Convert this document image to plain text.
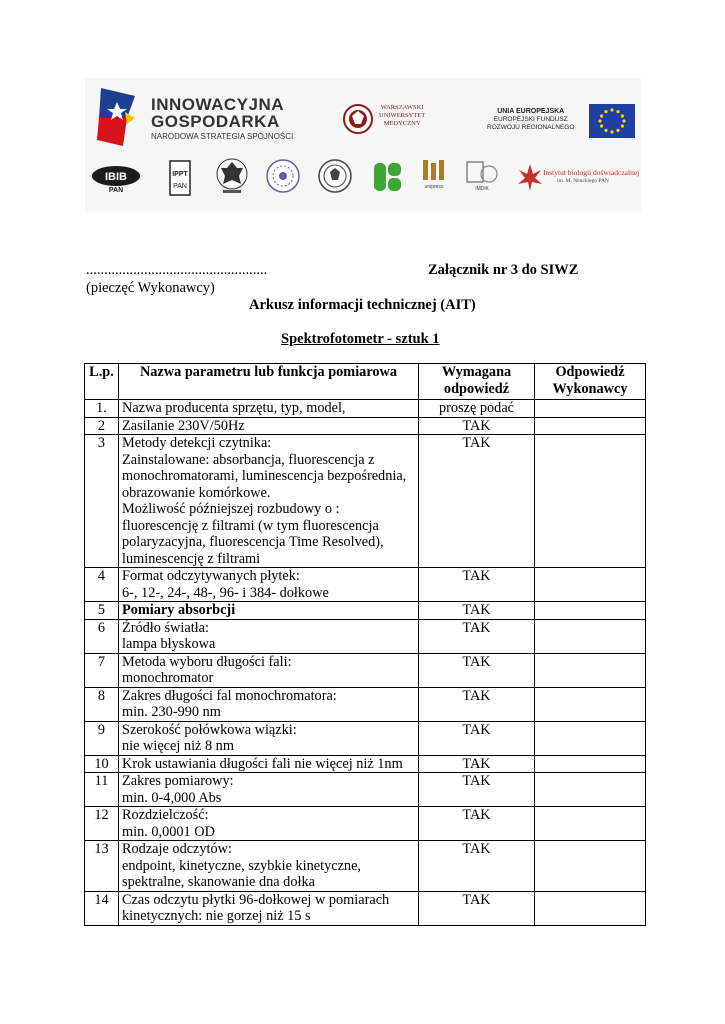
INNOWACYJNA
GOSPODARKA
NARODOWA STRATEGIA SPÓJNOŚCI
WARSZAWSKI
UNIWERSYTET
MEDYCZNY
UNIA EUROPEJSKA
EUROPEJSKI FUNDUSZ
ROZWOJU REGIONALNEGO
IBIB
PAN
IPPT
PAN	unipress	IMDiK
Instytut biologii doświadczalnej
im. M. Nenckiego PAN
..................................................	Załącznik nr 3 do SIWZ
(pieczęć Wykonawcy)
Arkusz informacji technicznej (AIT)
Spektrofotometr - sztuk 1
L.p.	Nazwa parametru lub funkcja pomiarowa	Wymagana odpowiedź	Odpowiedź Wykonawcy
1.	Nazwa producenta sprzętu, typ, model,	proszę podać	
2	Zasilanie 230V/50Hz	TAK	
3	Metody detekcji czytnika:
Zainstalowane: absorbancja, fluorescencja z monochromatorami, luminescencja bezpośrednia, obrazowanie komórkowe.
Możliwość późniejszej rozbudowy o : fluorescencję z filtrami (w tym fluorescencja polaryzacyjna, fluorescencja Time Resolved), luminescencję z filtrami	TAK	
4	Format odczytywanych płytek:
6-, 12-, 24-, 48-, 96- i 384- dołkowe	TAK	
5	Pomiary absorbcji	TAK	
6	Źródło światła:
lampa błyskowa	TAK	
7	Metoda wyboru długości fali:
monochromator	TAK	
8	Zakres długości fal monochromatora:
min. 230-990 nm	TAK	
9	Szerokość połówkowa wiązki:
nie więcej niż 8 nm	TAK	
10	Krok ustawiania długości fali nie więcej niż 1nm	TAK	
11	Zakres pomiarowy:
min. 0-4,000 Abs	TAK	
12	Rozdzielczość:
min. 0,0001 OD	TAK	
13	Rodzaje odczytów:
endpoint, kinetyczne, szybkie kinetyczne, spektralne, skanowanie dna dołka	TAK	
14	Czas odczytu płytki 96-dołkowej w pomiarach kinetycznych: nie gorzej niż 15 s	TAK	
